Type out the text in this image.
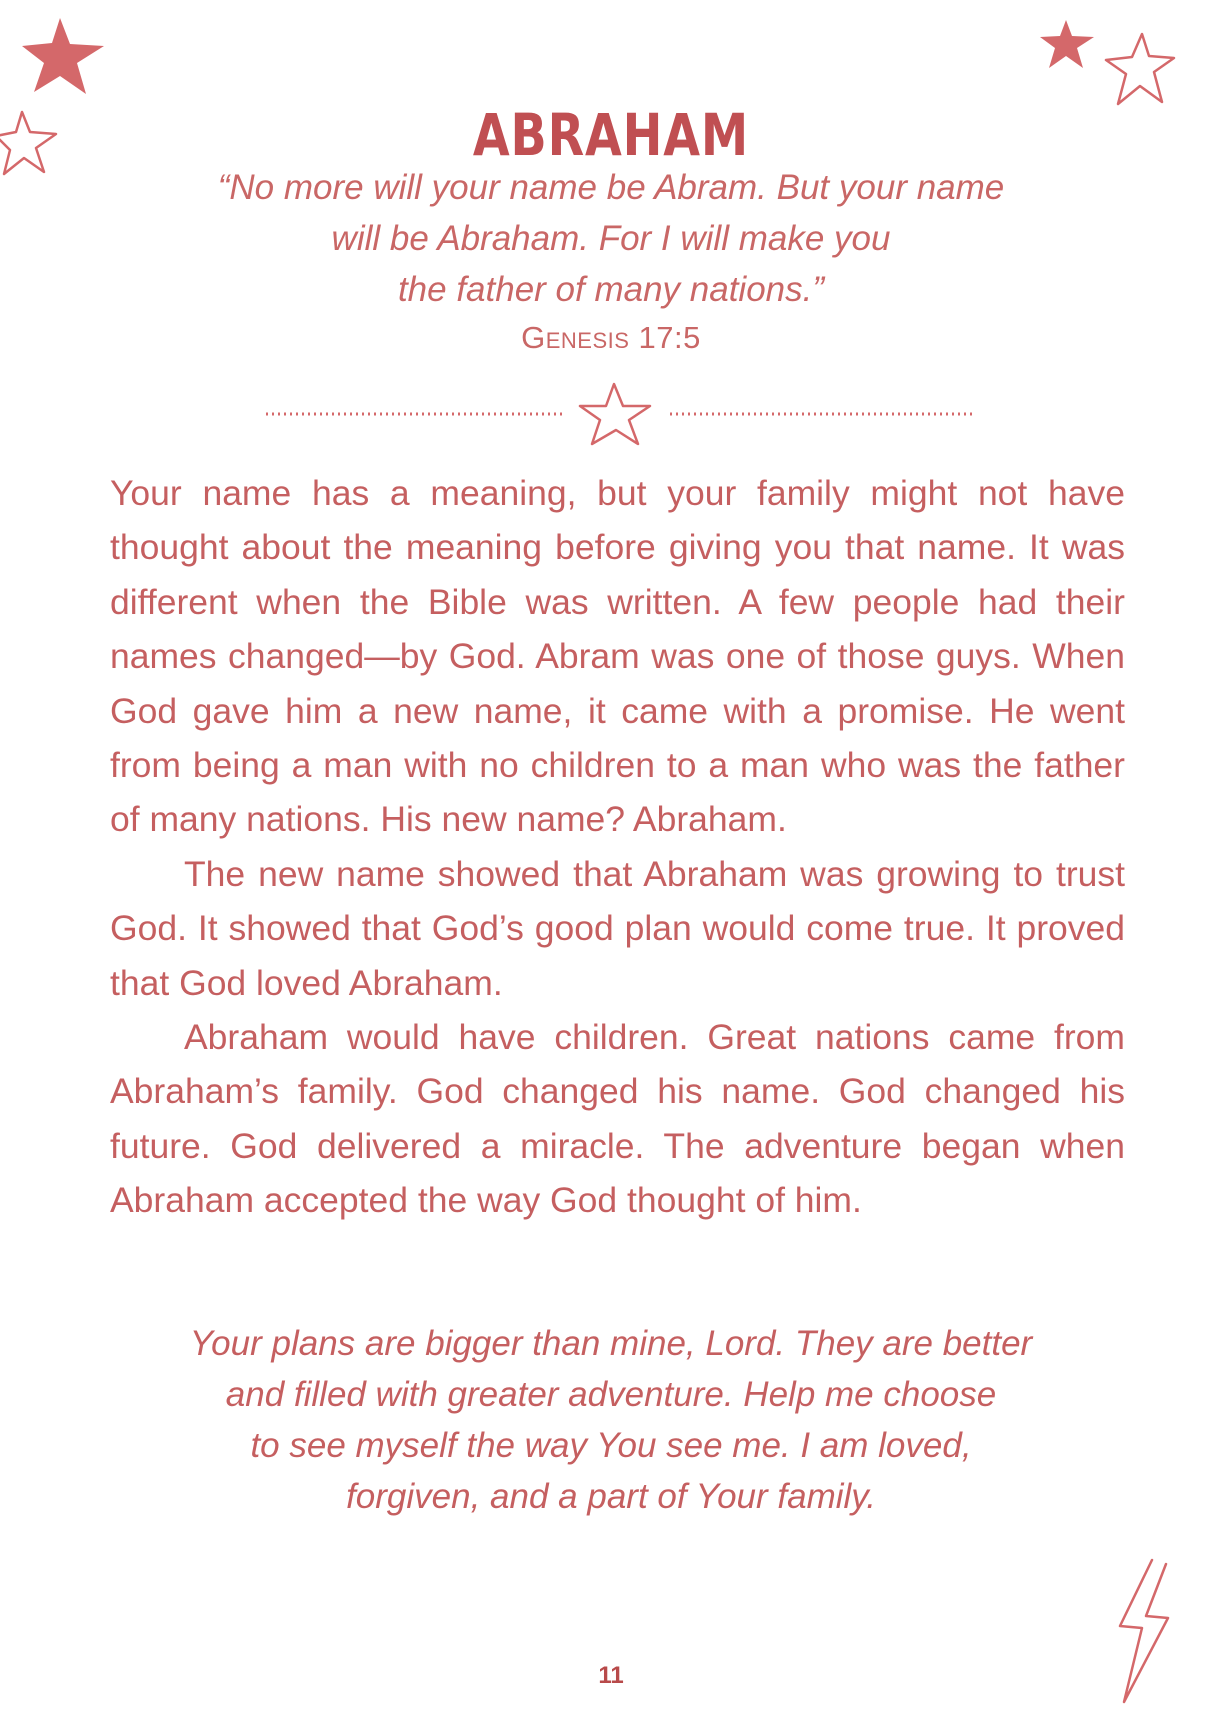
ABRAHAM
“No more will your name be Abram. But your name
will be Abraham. For I will make you
the father of many nations.”
Genesis 17:5

Your name has a meaning, but your family might not have thought about the meaning before giving you that name. It was different when the Bible was written. A few people had their names changed—by God. Abram was one of those guys. When God gave him a new name, it came with a promise. He went from being a man with no children to a man who was the father of many nations. His new name? Abraham.

The new name showed that Abraham was growing to trust God. It showed that God’s good plan would come true. It proved that God loved Abraham.

Abraham would have children. Great nations came from Abraham’s family. God changed his name. God changed his future. God delivered a miracle. The adventure began when Abraham accepted the way God thought of him.

Your plans are bigger than mine, Lord. They are better
and filled with greater adventure. Help me choose
to see myself the way You see me. I am loved,
forgiven, and a part of Your family.
11
